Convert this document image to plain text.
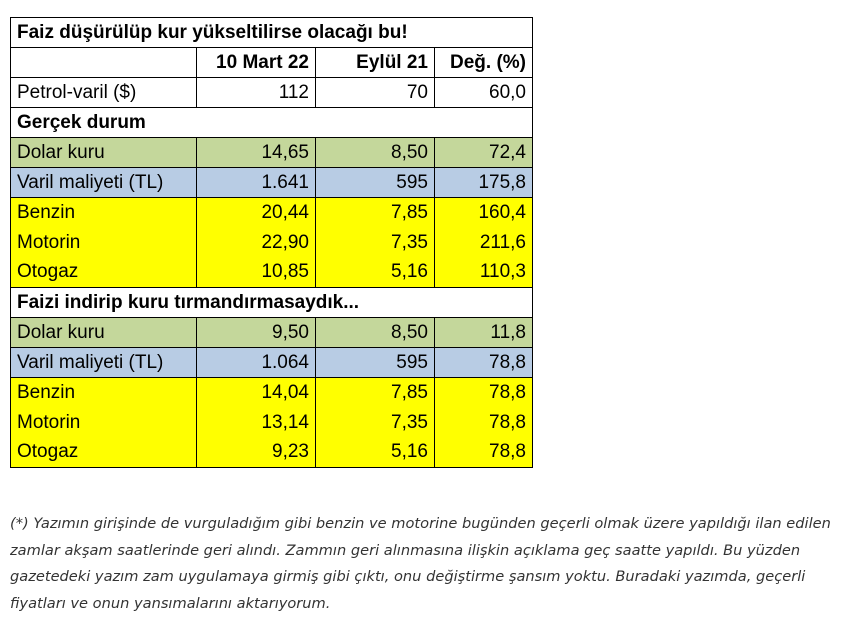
Faiz düşürülüp kur yükseltilirse olacağı bu!			
	10 Mart 22	Eylül 21	Değ. (%)
Petrol-varil ($)	112	70	60,0
Gerçek durum			
Dolar kuru	14,65	8,50	72,4
Varil maliyeti (TL)	1.641	595	175,8
Benzin	20,44	7,85	160,4
Motorin	22,90	7,35	211,6
Otogaz	10,85	5,16	110,3
Faizi indirip kuru tırmandırmasaydık...			
Dolar kuru	9,50	8,50	11,8
Varil maliyeti (TL)	1.064	595	78,8
Benzin	14,04	7,85	78,8
Motorin	13,14	7,35	78,8
Otogaz	9,23	5,16	78,8

(*) Yazımın girişinde de vurguladığım gibi benzin ve motorine bugünden geçerli olmak üzere yapıldığı ilan edilen zamlar akşam saatlerinde geri alındı. Zammın geri alınmasına ilişkin açıklama geç saatte yapıldı. Bu yüzden gazetedeki yazım zam uygulamaya girmiş gibi çıktı, onu değiştirme şansım yoktu. Buradaki yazımda, geçerli fiyatları ve onun yansımalarını aktarıyorum.
